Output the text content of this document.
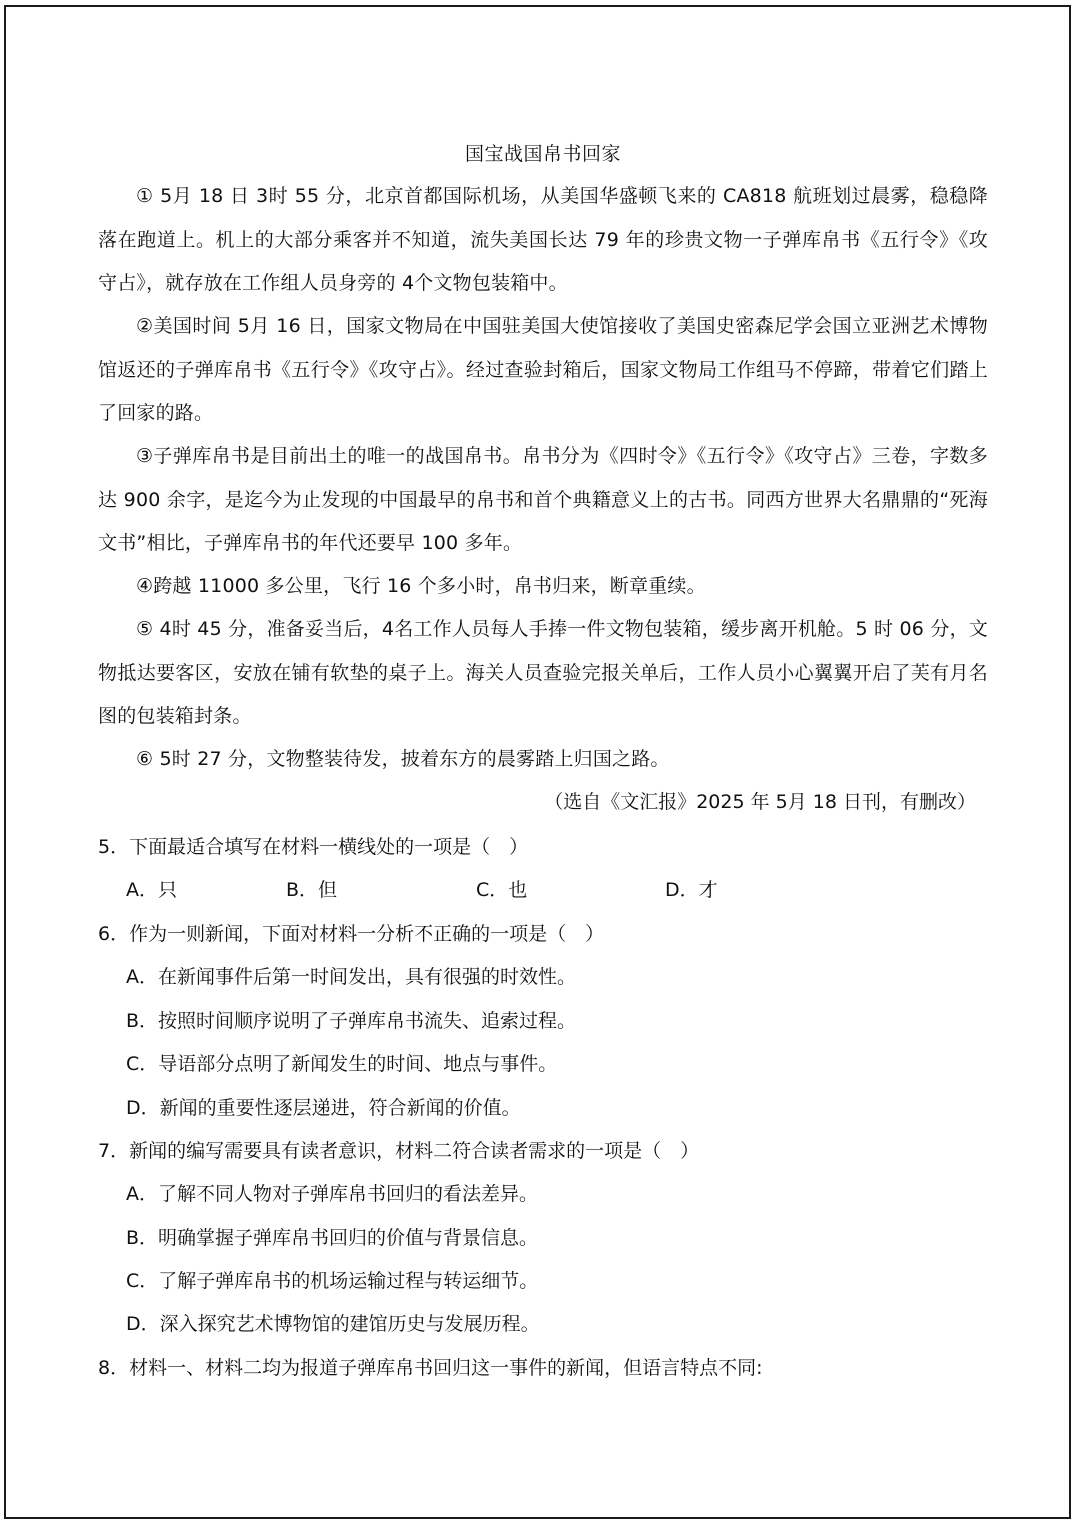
国宝战国帛书回家
① 5月 18 日 3时 55 分，北京首都国际机场，从美国华盛顿飞来的 CA818 航班划过晨雾，稳稳降落在跑道上。机上的大部分乘客并不知道，流失美国长达 79 年的珍贵文物一子弹库帛书《五行令》《攻守占》，就存放在工作组人员身旁的 4个文物包装箱中。
②美国时间 5月 16 日，国家文物局在中国驻美国大使馆接收了美国史密森尼学会国立亚洲艺术博物馆返还的子弹库帛书《五行令》《攻守占》。经过查验封箱后，国家文物局工作组马不停蹄，带着它们踏上了回家的路。
③子弹库帛书是目前出土的唯一的战国帛书。帛书分为《四时令》《五行令》《攻守占》三卷，字数多达 900 余字，是迄今为止发现的中国最早的帛书和首个典籍意义上的古书。同西方世界大名鼎鼎的“死海文书”相比，子弹库帛书的年代还要早 100 多年。
④跨越 11000 多公里，飞行 16 个多小时，帛书归来，断章重续。
⑤ 4时 45 分，准备妥当后，4名工作人员每人手捧一件文物包装箱，缓步离开机舱。5 时 06 分，文物抵达要客区，安放在铺有软垫的桌子上。海关人员查验完报关单后，工作人员小心翼翼开启了芙有月名图的包装箱封条。
⑥ 5时 27 分，文物整装待发，披着东方的晨雾踏上归国之路。
（选自《文汇报》2025 年 5月 18 日刊，有删改）
5．下面最适合填写在材料一横线处的一项是（　）
A．只	B．但	C．也	D．才
6．作为一则新闻，下面对材料一分析不正确的一项是（　）
A．在新闻事件后第一时间发出，具有很强的时效性。
B．按照时间顺序说明了子弹库帛书流失、追索过程。
C．导语部分点明了新闻发生的时间、地点与事件。
D．新闻的重要性逐层递进，符合新闻的价值。
7．新闻的编写需要具有读者意识，材料二符合读者需求的一项是（　）
A．了解不同人物对子弹库帛书回归的看法差异。
B．明确掌握子弹库帛书回归的价值与背景信息。
C．了解子弹库帛书的机场运输过程与转运细节。
D．深入探究艺术博物馆的建馆历史与发展历程。
8．材料一、材料二均为报道子弹库帛书回归这一事件的新闻，但语言特点不同:
